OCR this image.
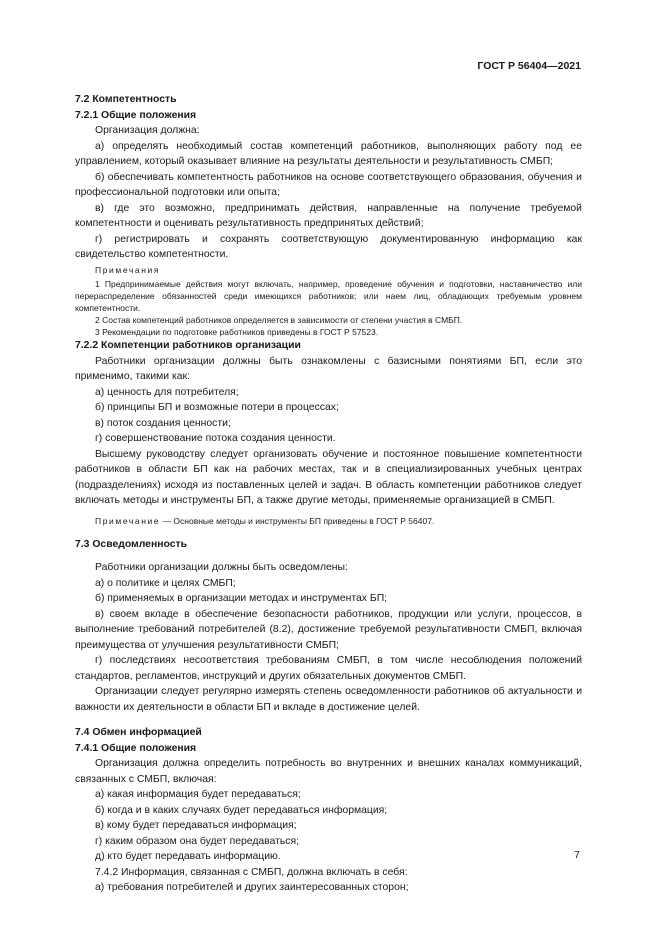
ГОСТ Р 56404—2021

7.2 Компетентность

7.2.1 Общие положения

Организация должна:

а) определять необходимый состав компетенций работников, выполняющих работу под ее управлением, который оказывает влияние на результаты деятельности и результативность СМБП;

б) обеспечивать компетентность работников на основе соответствующего образования, обучения и профессиональной подготовки или опыта;

в) где это возможно, предпринимать действия, направленные на получение требуемой компетентности и оценивать результативность предпринятых действий;

г) регистрировать и сохранять соответствующую документированную информацию как свидетельство компетентности.

Примечания

1 Предпринимаемые действия могут включать, например, проведение обучения и подготовки, наставничество или перераспределение обязанностей среди имеющихся работников; или наем лиц, обладающих требуемым уровнем компетентности.

2 Состав компетенций работников определяется в зависимости от степени участия в СМБП.

3 Рекомендации по подготовке работников приведены в ГОСТ Р 57523.

7.2.2 Компетенции работников организации

Работники организации должны быть ознакомлены с базисными понятиями БП, если это применимо, такими как:

а) ценность для потребителя;

б) принципы БП и возможные потери в процессах;

в) поток создания ценности;

г) совершенствование потока создания ценности.

Высшему руководству следует организовать обучение и постоянное повышение компетентности работников в области БП как на рабочих местах, так и в специализированных учебных центрах (подразделениях) исходя из поставленных целей и задач. В область компетенции работников следует включать методы и инструменты БП, а также другие методы, применяемые организацией в СМБП.

Примечание — Основные методы и инструменты БП приведены в ГОСТ Р 56407.

7.3 Осведомленность

Работники организации должны быть осведомлены:

а) о политике и целях СМБП;

б) применяемых в организации методах и инструментах БП;

в) своем вкладе в обеспечение безопасности работников, продукции или услуги, процессов, в выполнение требований потребителей (8.2), достижение требуемой результативности СМБП, включая преимущества от улучшения результативности СМБП;

г) последствиях несоответствия требованиям СМБП, в том числе несоблюдения положений стандартов, регламентов, инструкций и других обязательных документов СМБП.

Организации следует регулярно измерять степень осведомленности работников об актуальности и важности их деятельности в области БП и вкладе в достижение целей.

7.4 Обмен информацией

7.4.1 Общие положения

Организация должна определить потребность во внутренних и внешних каналах коммуникаций, связанных с СМБП, включая:

а) какая информация будет передаваться;

б) когда и в каких случаях будет передаваться информация;

в) кому будет передаваться информация;

г) каким образом она будет передаваться;

д) кто будет передавать информацию.

7.4.2 Информация, связанная с СМБП, должна включать в себя:

а) требования потребителей и других заинтересованных сторон;

7
